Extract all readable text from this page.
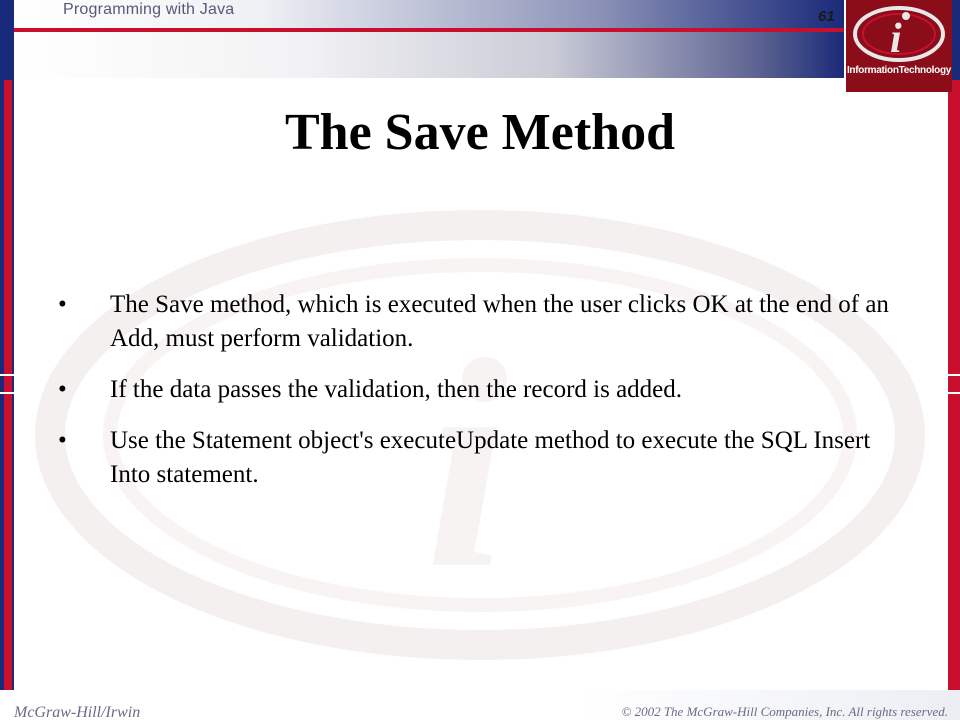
Programming with Java	61 i
InformationTechnology
i
The Save Method
• The Save method, which is executed when the user clicks OK at the end of an Add, must perform validation.
• If the data passes the validation, then the record is added.
• Use the Statement object's executeUpdate method to execute the SQL Insert Into statement.
McGraw-Hill/Irwin	© 2002 The McGraw-Hill Companies, Inc. All rights reserved.
